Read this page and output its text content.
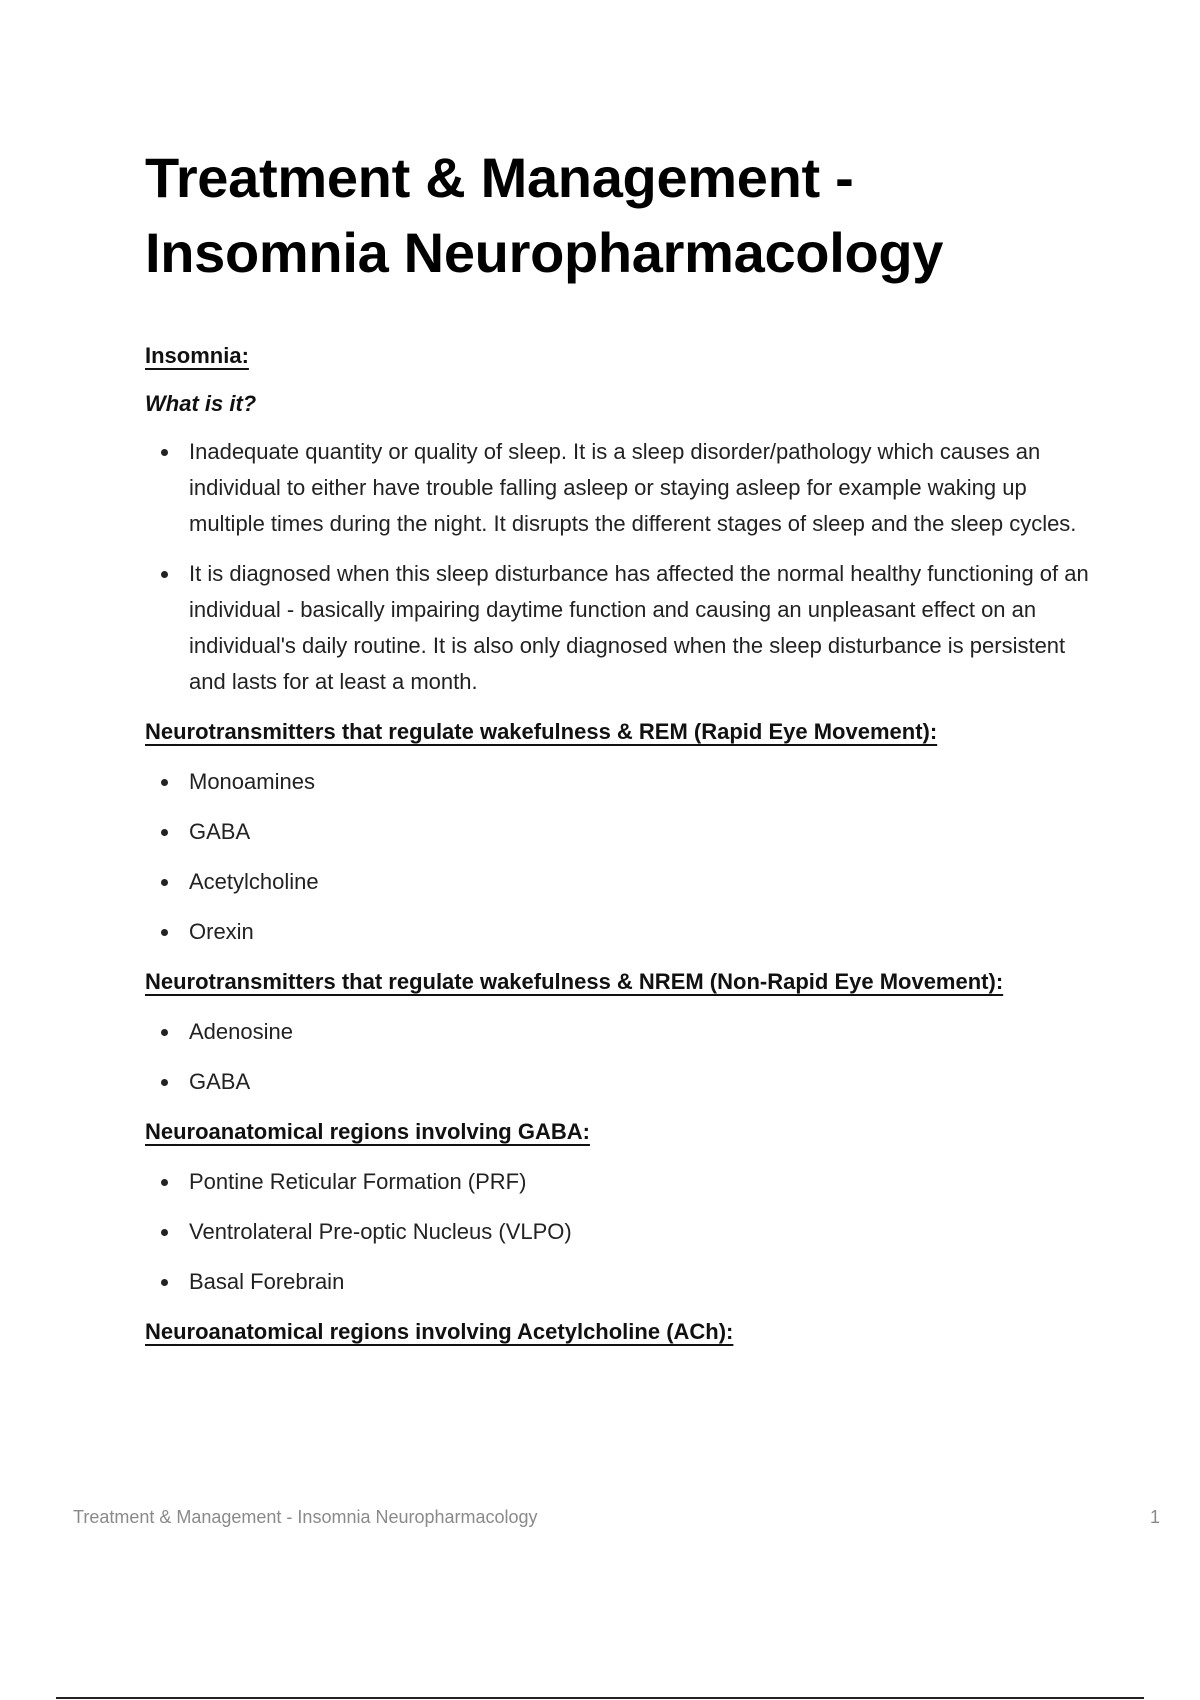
Treatment & Management - Insomnia Neuropharmacology
Insomnia:
What is it?
Inadequate quantity or quality of sleep. It is a sleep disorder/pathology which causes an individual to either have trouble falling asleep or staying asleep for example waking up multiple times during the night. It disrupts the different stages of sleep and the sleep cycles.
It is diagnosed when this sleep disturbance has affected the normal healthy functioning of an individual - basically impairing daytime function and causing an unpleasant effect on an individual's daily routine. It is also only diagnosed when the sleep disturbance is persistent and lasts for at least a month.
Neurotransmitters that regulate wakefulness & REM (Rapid Eye Movement):
Monoamines
GABA
Acetylcholine
Orexin
Neurotransmitters that regulate wakefulness & NREM (Non-Rapid Eye Movement):
Adenosine
GABA
Neuroanatomical regions involving GABA:
Pontine Reticular Formation (PRF)
Ventrolateral Pre-optic Nucleus (VLPO)
Basal Forebrain
Neuroanatomical regions involving Acetylcholine (ACh):
Treatment & Management - Insomnia Neuropharmacology	1
